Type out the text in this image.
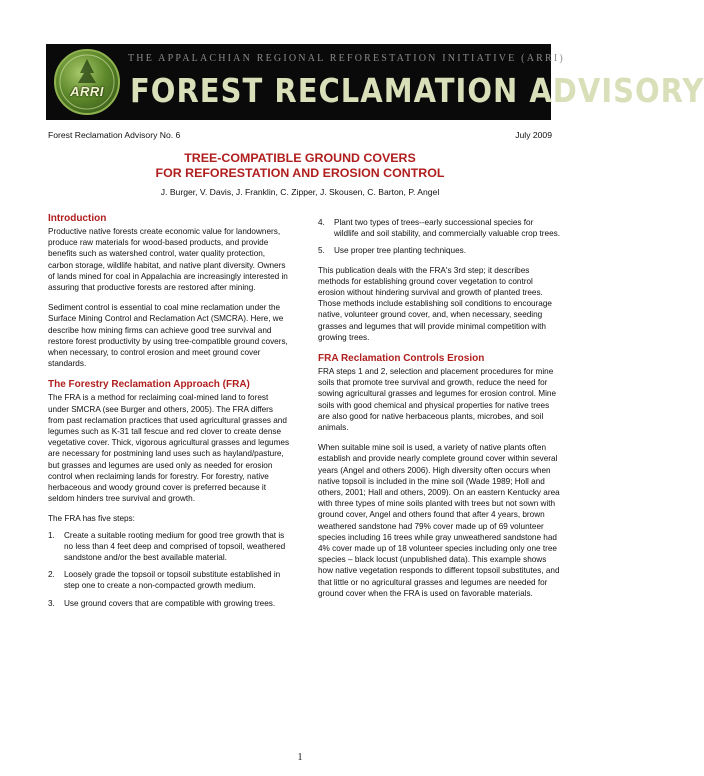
ARRI
THE APPALACHIAN REGIONAL REFORESTATION INITIATIVE (ARRI)
FOREST RECLAMATION ADVISORY
Forest Reclamation Advisory No. 6	July 2009
TREE-COMPATIBLE GROUND COVERS
FOR REFORESTATION AND EROSION CONTROL
J. Burger, V. Davis, J. Franklin, C. Zipper, J. Skousen, C. Barton, P. Angel
Introduction

Productive native forests create economic value for landowners, produce raw materials for wood-based products, and provide benefits such as watershed control, water quality protection, carbon storage, wildlife habitat, and native plant diversity. Owners of lands mined for coal in Appalachia are increasingly interested in assuring that productive forests are restored after mining.

Sediment control is essential to coal mine reclamation under the Surface Mining Control and Reclamation Act (SMCRA). Here, we describe how mining firms can achieve good tree survival and restore forest productivity by using tree-compatible ground covers, when necessary, to control erosion and meet ground cover standards.

The Forestry Reclamation Approach (FRA)

The FRA is a method for reclaiming coal-mined land to forest under SMCRA (see Burger and others, 2005). The FRA differs from past reclamation practices that used agricultural grasses and legumes such as K-31 tall fescue and red clover to create dense vegetative cover. Thick, vigorous agricultural grasses and legumes are necessary for postmining land uses such as hayland/pasture, but grasses and legumes are used only as needed for erosion control when reclaiming lands for forestry. For forestry, native herbaceous and woody ground cover is preferred because it seldom hinders tree survival and growth.

The FRA has five steps:

1. Create a suitable rooting medium for good tree growth that is no less than 4 feet deep and comprised of topsoil, weathered sandstone and/or the best available material.
2. Loosely grade the topsoil or topsoil substitute established in step one to create a non-compacted growth medium.
3. Use ground covers that are compatible with growing trees.
4. Plant two types of trees--early successional species for wildlife and soil stability, and commercially valuable crop trees.
5. Use proper tree planting techniques.

This publication deals with the FRA's 3rd step; it describes methods for establishing ground cover vegetation to control erosion without hindering survival and growth of planted trees. Those methods include establishing soil conditions to encourage native, volunteer ground cover, and, when necessary, seeding grasses and legumes that will provide minimal competition with growing trees.

FRA Reclamation Controls Erosion

FRA steps 1 and 2, selection and placement procedures for mine soils that promote tree survival and growth, reduce the need for sowing agricultural grasses and legumes for erosion control. Mine soils with good chemical and physical properties for native trees are also good for native herbaceous plants, microbes, and soil animals.

When suitable mine soil is used, a variety of native plants often establish and provide nearly complete ground cover within several years (Angel and others 2006). High diversity often occurs when native topsoil is included in the mine soil (Wade 1989; Holl and others, 2001; Hall and others, 2009). On an eastern Kentucky area with three types of mine soils planted with trees but not sown with ground cover, Angel and others found that after 4 years, brown weathered sandstone had 79% cover made up of 69 volunteer species including 16 trees while gray unweathered sandstone had 4% cover made up of 18 volunteer species including only one tree species – black locust (unpublished data). This example shows how native vegetation responds to different topsoil substitutes, and that little or no agricultural grasses and legumes are needed for ground cover when the FRA is used on favorable materials.

1
